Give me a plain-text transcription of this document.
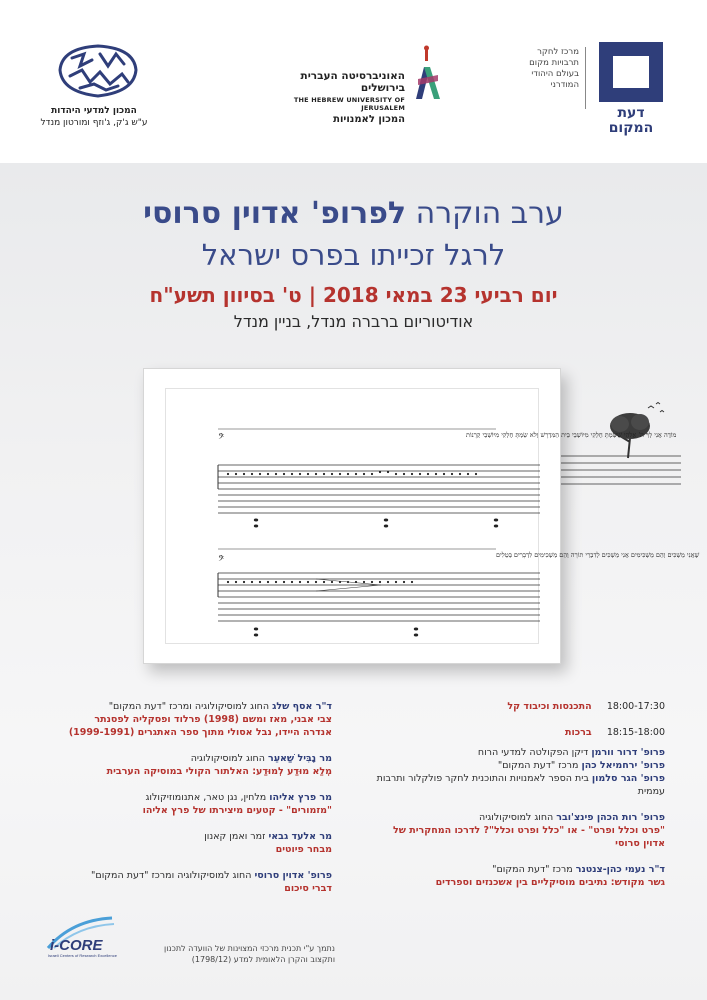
דעת
המקום
מרכז לחקר
תרבויות מקום
בעולם היהודי
המודרני
האוניברסיטה העברית בירושלים
THE HEBREW UNIVERSITY OF JERUSALEM
המכון לאמנויות
המכון למדעי היהדות
ע"ש ג'ק, ג'וזף ומורטון מנדל
ערב הוקרה לפרופ' אדוין סרוסי
לרגל זכייתו בפרס ישראל
יום רביעי 23 במאי 2018 | ט' בסיוון תשע"ח
אודיטוריום ברברה מנדל, בניין מנדל
מוֹדֶה אֲנִי לְךָ ה' אֱלֹהַי שֶׁשַּׂמְתָּ חֶלְקִי מִיּוֹשְׁבֵי בֵּית הַמִּדְרָשׁ וְלֹא שַׂמְתָּ חֶלְקִי מִיּוֹשְׁבֵי קְרָנוֹת
𝄢
שֶׁאֲנִי מַשְׁכִּים וְהֵם מַשְׁכִּימִים אֲנִי מַשְׁכִּים לְדִבְרֵי תוֹרָה וְהֵם מַשְׁכִּימִים לִדְבָרִים בְּטֵלִים
𝄢
18:00-17:30     התכנסות וכיבוד קל
18:15-18:00     ברכות
פרופ' דרור וורמן דיקן הפקולטה למדעי הרוח
פרופ' ירחמיאל כהן מרכז "דעת המקום"
פרופ' הגר סלמון בית הספר לאמנויות והתוכנית לחקר פולקלור ותרבות עממית
פרופ' רות הכהן פינצ'ובר החוג למוסיקולוגיה
"פרט וכלל ופרט" - או "כלל ופרט וכלל"? לדרכו המחקרית של אדוין סרוסי
ד"ר נעמי כהן-צנטנר מרכז "דעת המקום"
גשר מקודש: נתיבים מוסיקליים בין אשכנזים וספרדים
ד"ר אסף שלג החוג למוסיקולוגיה ומרכז "דעת המקום"
צבי אבני, מאז ומשם (1998) פרלוד ופסקליה לפסנתר
אנדרה היידו, נבל אסולי מתוך ספר האתגרים (1999-1991)
מר נָבִּיל שַׁאעֵר החוג למוסיקולוגיה
מְלַא מוּדַע לְמוּדַע: האלתור הקולי במוסיקה הערבית
מר פרץ אליהו מלחין, נגן טאר, אתנומוזיקולוג
"מזמורים" - קטעים מיצירתו של פרץ אליהו
מר אלעד גבאי זמר ואמן קאנון
מבחר פיוטים
פרופ' אדוין סרוסי החוג למוסיקולוגיה ומרכז "דעת המקום"
דברי סיכום
i-CORE
Israeli Centers of Research Excellence
נתמך ע"י תכנית מרכזי המצוינות של הוועדה לתכנון
ותקצוב והקרן הלאומית למדע (1798/12)
